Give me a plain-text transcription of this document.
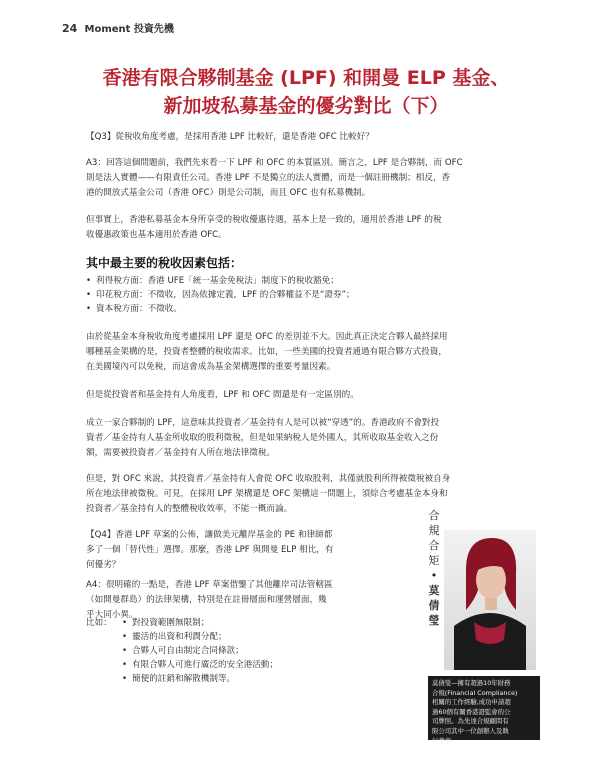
24 Moment 投資先機
香港有限合夥制基金 (LPF) 和開曼 ELP 基金、
新加坡私募基金的優劣對比（下）
【Q3】從稅收角度考慮，是採用香港 LPF 比較好，還是香港 OFC 比較好？
A3：回答這個問題前，我們先來看一下 LPF 和 OFC 的本質區別。簡言之，LPF 是合夥制，而 OFC
則是法人實體——有限責任公司。香港 LPF 不是獨立的法人實體，而是一個註冊機制；相反，香
港的開放式基金公司（香港 OFC）則是公司制，而且 OFC 也有私募機制。
但事實上，香港私募基金本身所享受的稅收優惠待遇，基本上是一致的，適用於香港 LPF 的稅
收優惠政策也基本適用於香港 OFC。
其中最主要的稅收因素包括：
• 利得稅方面：香港 UFE「統一基金免稅法」制度下的稅收豁免；
• 印花稅方面：不徵收，因為依據定義，LPF 的合夥權益不是“證券”；
• 資本稅方面：不徵收。
由於從基金本身稅收角度考慮採用 LPF 還是 OFC 的差別並不大。因此真正決定合夥人最終採用
哪種基金架構的是，投資者整體的稅收需求。比如，一些美國的投資者通過有限合夥方式投資，
在美國境內可以免稅，而這會成為基金架構選擇的重要考量因素。
但是從投資者和基金持有人角度看，LPF 和 OFC 間還是有一定區別的。
成立一家合夥制的 LPF，這意味其投資者／基金持有人是可以被“穿透”的。香港政府不會對投
資者／基金持有人基金所收取的股利徵稅，但是如果納稅人是外國人，其所收取基金收入之份
額，需要被投資者／基金持有人所在地法律徵稅。
但是，對 OFC 來說，其投資者／基金持有人會從 OFC 收取股利，其僅就股利所得被徵稅被自身
所在地法律被徵稅。可見，在採用 LPF 架構還是 OFC 架構這一問題上，須綜合考慮基金本身和
投資者／基金持有人的整體稅收效率，不能一概而論。
【Q4】香港 LPF 草案的公佈，讓做美元離岸基金的 PE 和律師都
多了一個「替代性」選擇。那麼，香港 LPF 與開曼 ELP 相比，有
何優劣？
A4：很明確的一點是，香港 LPF 草案借鑒了其他離岸司法管轄區
（如開曼群島）的法律架構，特別是在註冊層面和運營層面，幾
乎大同小異。
比如：
•	對投資範圍無限制；
• 靈活的出資和利潤分配；
• 合夥人可自由制定合同條款；
• 有限合夥人可進行廣泛的安全港活動；
• 簡便的註銷和解散機制等。
合
規
合
矩
•
莫
倩
瑩
莫倩瑩—擁有超過10年財務
合規(Financial Compliance)
相關的工作經驗,成功申請超
過60個有關香港證監會的公
司牌照。為先達合規顧問有
限公司其中一位創辦人及執
行董事。
